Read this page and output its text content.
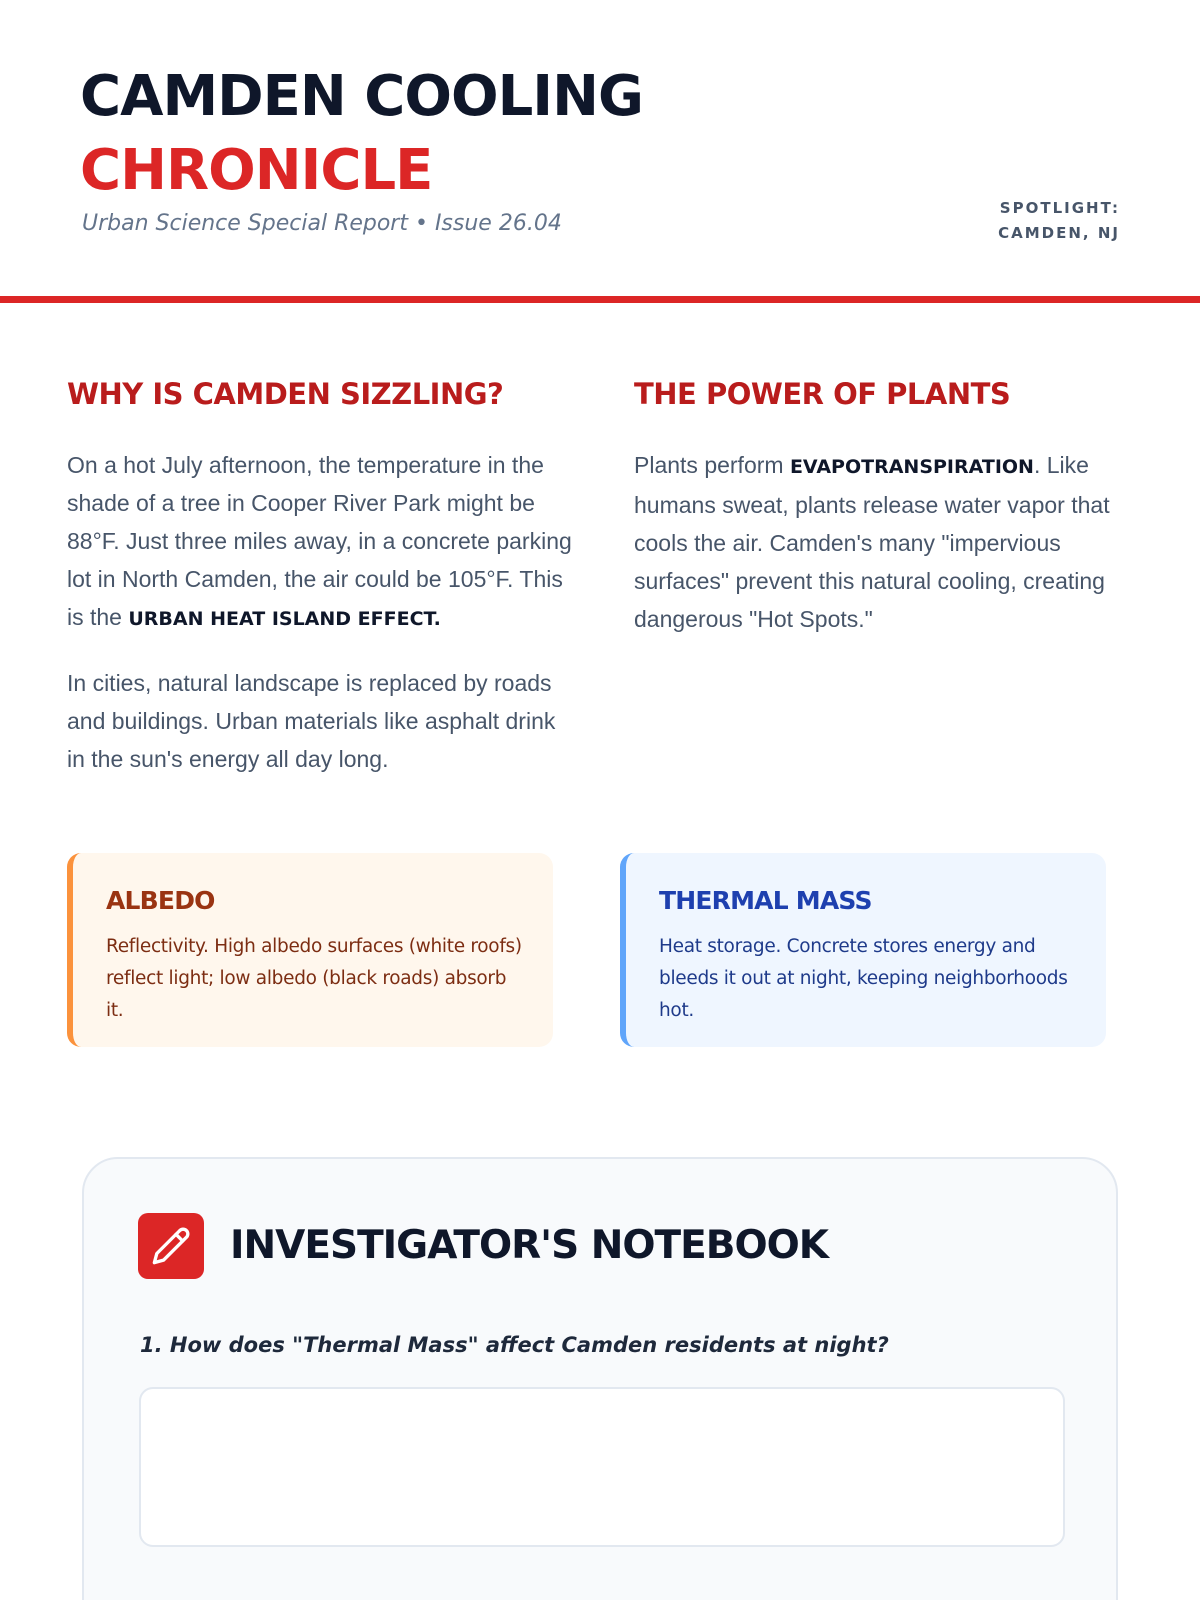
CAMDEN COOLING
CHRONICLE
Urban Science Special Report • Issue 26.04
SPOTLIGHT:
CAMDEN, NJ
WHY IS CAMDEN SIZZLING?

On a hot July afternoon, the temperature in the shade of a tree in Cooper River Park might be 88°F. Just three miles away, in a concrete parking lot in North Camden, the air could be 105°F. This is the URBAN HEAT ISLAND EFFECT.

In cities, natural landscape is replaced by roads and buildings. Urban materials like asphalt drink in the sun's energy all day long.

THE POWER OF PLANTS

Plants perform EVAPOTRANSPIRATION. Like humans sweat, plants release water vapor that cools the air. Camden's many "impervious surfaces" prevent this natural cooling, creating dangerous "Hot Spots."

ALBEDO
Reflectivity. High albedo surfaces (white roofs) reflect light; low albedo (black roads) absorb it.
THERMAL MASS
Heat storage. Concrete stores energy and bleeds it out at night, keeping neighborhoods hot.
INVESTIGATOR'S NOTEBOOK
1. How does "Thermal Mass" affect Camden residents at night?
